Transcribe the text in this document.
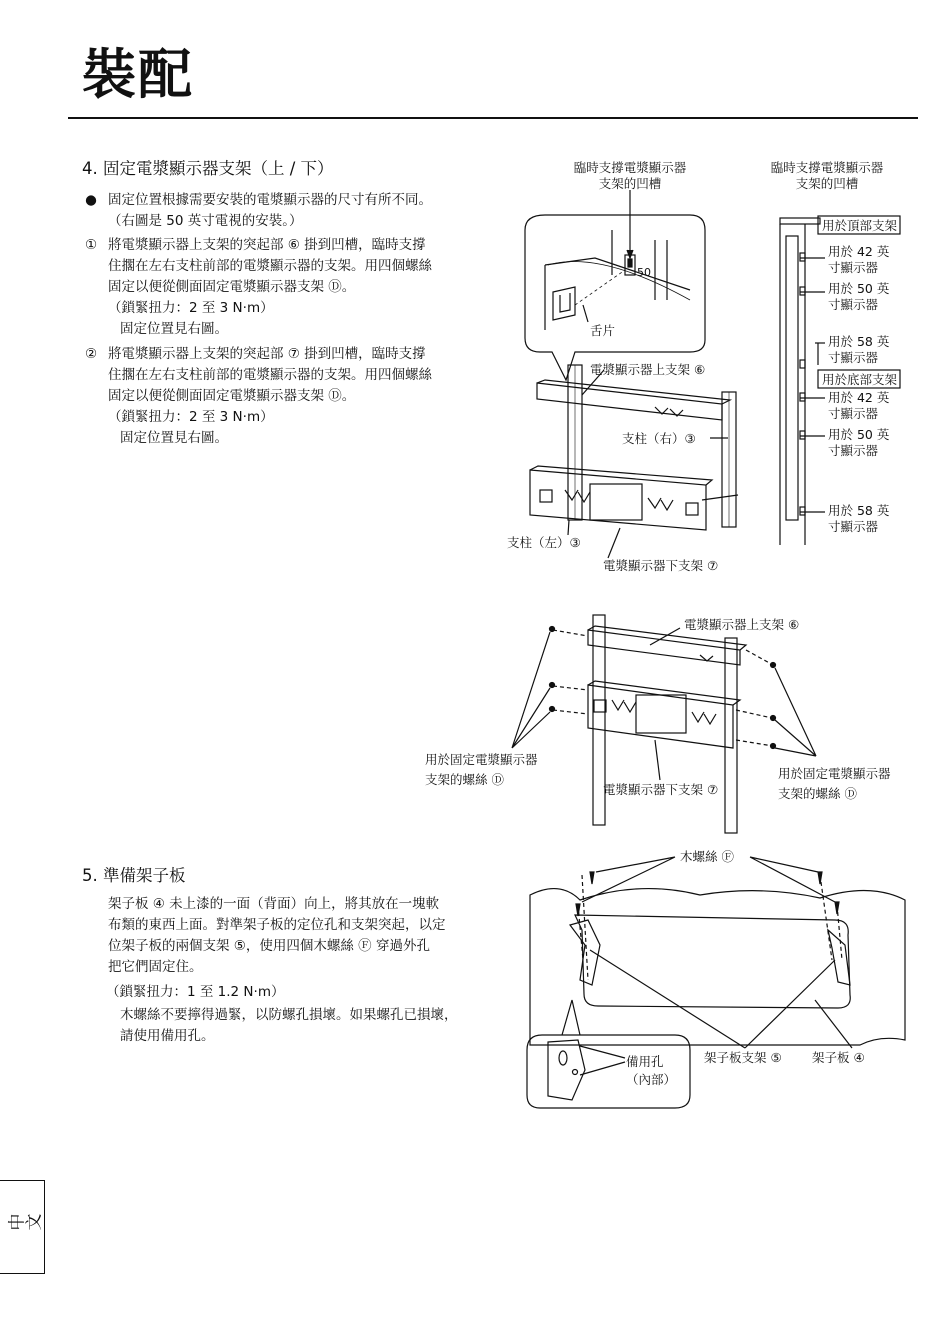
裝配
4. 固定電漿顯示器支架（上 / 下）
● 固定位置根據需要安裝的電漿顯示器的尺寸有所不同。
（右圖是 50 英寸電視的安裝。）
① 將電漿顯示器上支架的突起部 ⑥ 掛到凹槽，臨時支撐
住擱在左右支柱前部的電漿顯示器的支架。用四個螺絲
固定以便從側面固定電漿顯示器支架 Ⓓ。
（鎖緊扭力：2 至 3 N·m）
固定位置見右圖。
② 將電漿顯示器上支架的突起部 ⑦ 掛到凹槽，臨時支撐
住擱在左右支柱前部的電漿顯示器的支架。用四個螺絲
固定以便從側面固定電漿顯示器支架 Ⓓ。
（鎖緊扭力：2 至 3 N·m）
固定位置見右圖。
5. 準備架子板
架子板 ④ 未上漆的一面（背面）向上，將其放在一塊軟
布類的東西上面。對準架子板的定位孔和支架突起，以定
位架子板的兩個支架 ⑤，使用四個木螺絲 Ⓕ 穿過外孔
把它們固定住。
（鎖緊扭力：1 至 1.2 N·m）
木螺絲不要擰得過緊，以防螺孔損壞。如果螺孔已損壞，
請使用備用孔。
中文
臨時支撐電漿顯示器
支架的凹槽
臨時支撐電漿顯示器
支架的凹槽
50
舌片
電漿顯示器上支架 ⑥
支柱（右）③
支柱（左）③
電漿顯示器下支架 ⑦
用於頂部支架
用於底部支架
用於 42 英
寸顯示器
用於 50 英
寸顯示器
用於 58 英
寸顯示器
用於 42 英
寸顯示器
用於 50 英
寸顯示器
用於 58 英
寸顯示器
電漿顯示器上支架 ⑥
電漿顯示器下支架 ⑦
用於固定電漿顯示器
支架的螺絲 Ⓓ	用於固定電漿顯示器
支架的螺絲 Ⓓ
木螺絲 Ⓕ
備用孔
（內部）
架子板支架 ⑤ 架子板 ④
